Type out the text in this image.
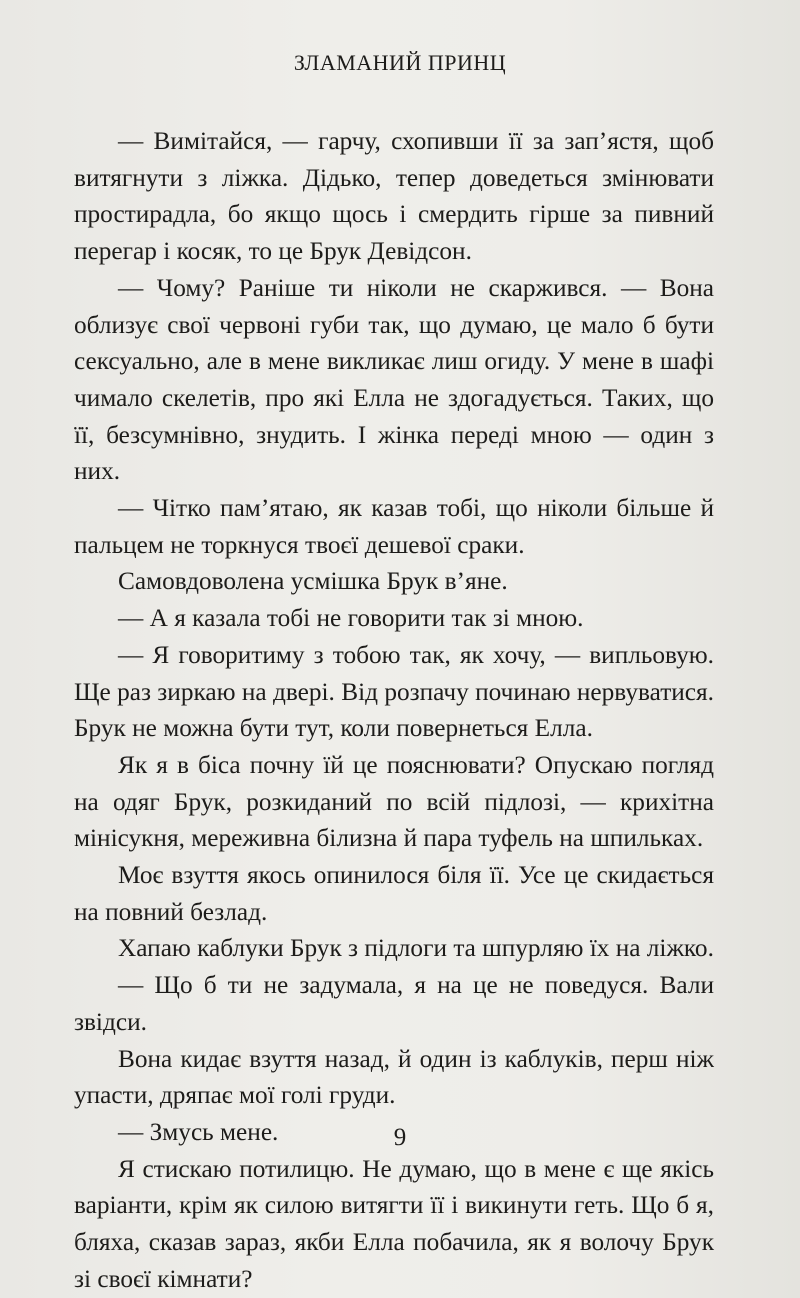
ЗЛАМАНИЙ ПРИНЦ

— Вимітайся, — гарчу, схопивши її за зап’ястя, щоб витягнути з ліжка. Дідько, тепер доведеться змінювати простирадла, бо якщо щось і смердить гірше за пивний перегар і косяк, то це Брук Девідсон.

— Чому? Раніше ти ніколи не скаржився. — Вона облизує свої червоні губи так, що думаю, це мало б бути сексуально, але в мене викликає лиш огиду. У мене в шафі чимало скелетів, про які Елла не здогадується. Таких, що її, безсумнівно, знудить. І жінка переді мною — один з них.

— Чітко пам’ятаю, як казав тобі, що ніколи більше й пальцем не торкнуся твоєї дешевої сраки.

Самовдоволена усмішка Брук в’яне.

— А я казала тобі не говорити так зі мною.

— Я говоритиму з тобою так, як хочу, — випльовую. Ще раз зиркаю на двері. Від розпачу починаю нервуватися. Брук не можна бути тут, коли повернеться Елла.

Як я в біса почну їй це пояснювати? Опускаю погляд на одяг Брук, розкиданий по всій підлозі, — крихітна мінісукня, мереживна білизна й пара туфель на шпильках.

Моє взуття якось опинилося біля її. Усе це скидається на повний безлад.

Хапаю каблуки Брук з підлоги та шпурляю їх на ліжко.

— Що б ти не задумала, я на це не поведуся. Вали звідси.

Вона кидає взуття назад, й один із каблуків, перш ніж упасти, дряпає мої голі груди.

— Змусь мене.

Я стискаю потилицю. Не думаю, що в мене є ще якісь варіанти, крім як силою витягти її і викинути геть. Що б я, бляха, сказав зараз, якби Елла побачила, як я волочу Брук зі своєї кімнати?

9
